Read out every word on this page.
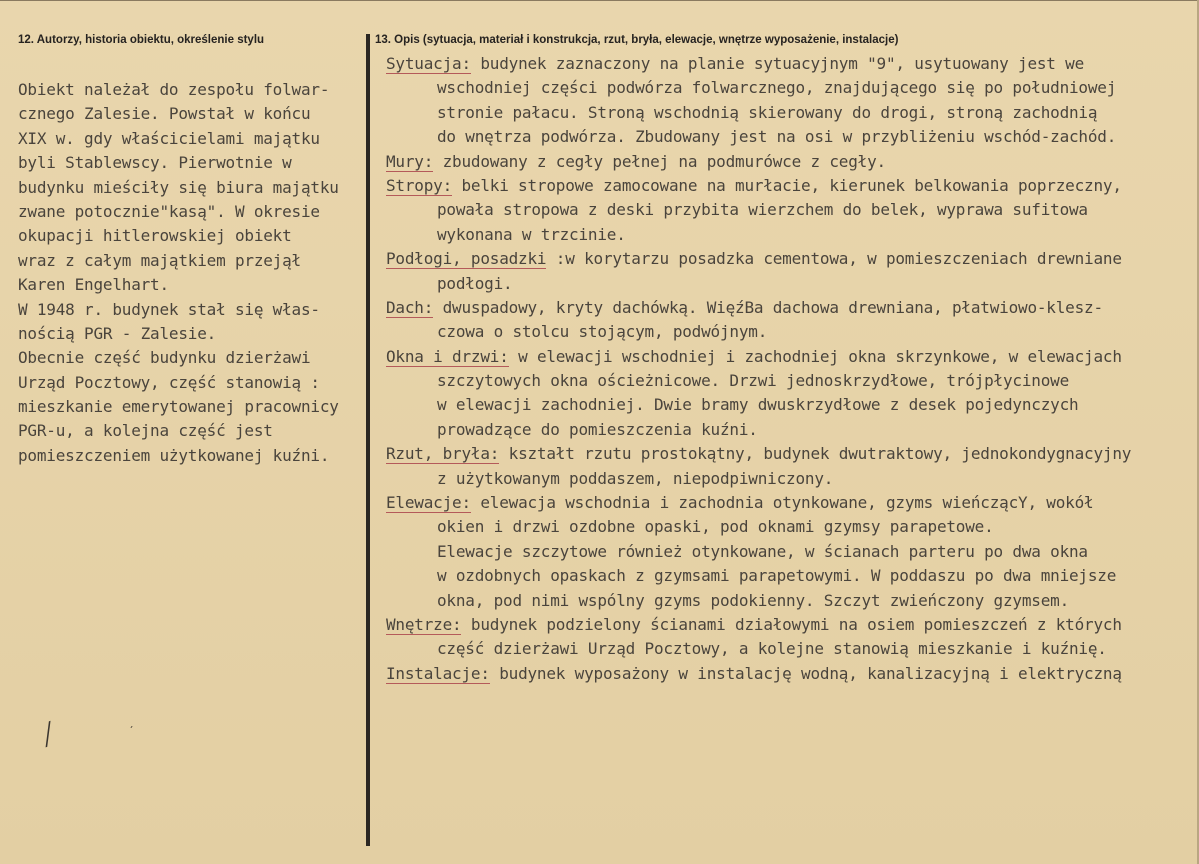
12. Autorzy, historia obiektu, określenie stylu	13. Opis (sytuacja, materiał i konstrukcja, rzut, bryła, elewacje, wnętrze wyposażenie, instalacje)
Obiekt należał do zespołu folwar-
cznego Zalesie. Powstał w końcu
XIX w. gdy właścicielami majątku
byli Stablewscy. Pierwotnie w
budynku mieściły się biura majątku
zwane potocznie"kasą". W okresie
okupacji hitlerowskiej obiekt
wraz z całym majątkiem przejął
Karen Engelhart.
W 1948 r. budynek stał się włas-
nością PGR - Zalesie.
Obecnie część budynku dzierżawi
Urząd Pocztowy, część stanowią :
mieszkanie emerytowanej pracownicy
PGR-u, a kolejna część jest
pomieszczeniem użytkowanej kuźni.
Sytuacja: budynek zaznaczony na planie sytuacyjnym "9", usytuowany jest we
wschodniej części podwórza folwarcznego, znajdującego się po południowej
stronie pałacu. Stroną wschodnią skierowany do drogi, stroną zachodnią
do wnętrza podwórza. Zbudowany jest na osi w przybliżeniu wschód-zachód.
Mury: zbudowany z cegły pełnej na podmurówce z cegły.
Stropy: belki stropowe zamocowane na murłacie, kierunek belkowania poprzeczny,
powała stropowa z deski przybita wierzchem do belek, wyprawa sufitowa
wykonana w trzcinie.
Podłogi, posadzki :w korytarzu posadzka cementowa, w pomieszczeniach drewniane
podłogi.
Dach: dwuspadowy, kryty dachówką. WięźBa dachowa drewniana, płatwiowo-klesz-
czowa o stolcu stojącym, podwójnym.
Okna i drzwi: w elewacji wschodniej i zachodniej okna skrzynkowe, w elewacjach
szczytowych okna ościeżnicowe. Drzwi jednoskrzydłowe, trójpłycinowe
w elewacji zachodniej. Dwie bramy dwuskrzydłowe z desek pojedynczych
prowadzące do pomieszczenia kuźni.
Rzut, bryła: kształt rzutu prostokątny, budynek dwutraktowy, jednokondygnacyjny
z użytkowanym poddaszem, niepodpiwniczony.
Elewacje: elewacja wschodnia i zachodnia otynkowane, gzyms wieńczącY, wokół
okien i drzwi ozdobne opaski, pod oknami gzymsy parapetowe.
Elewacje szczytowe również otynkowane, w ścianach parteru po dwa okna
w ozdobnych opaskach z gzymsami parapetowymi. W poddaszu po dwa mniejsze
okna, pod nimi wspólny gzyms podokienny. Szczyt zwieńczony gzymsem.
Wnętrze: budynek podzielony ścianami działowymi na osiem pomieszczeń z których
część dzierżawi Urząd Pocztowy, a kolejne stanowią mieszkanie i kuźnię.
Instalacje: budynek wyposażony w instalację wodną, kanalizacyjną i elektryczną
╱	ˊ
